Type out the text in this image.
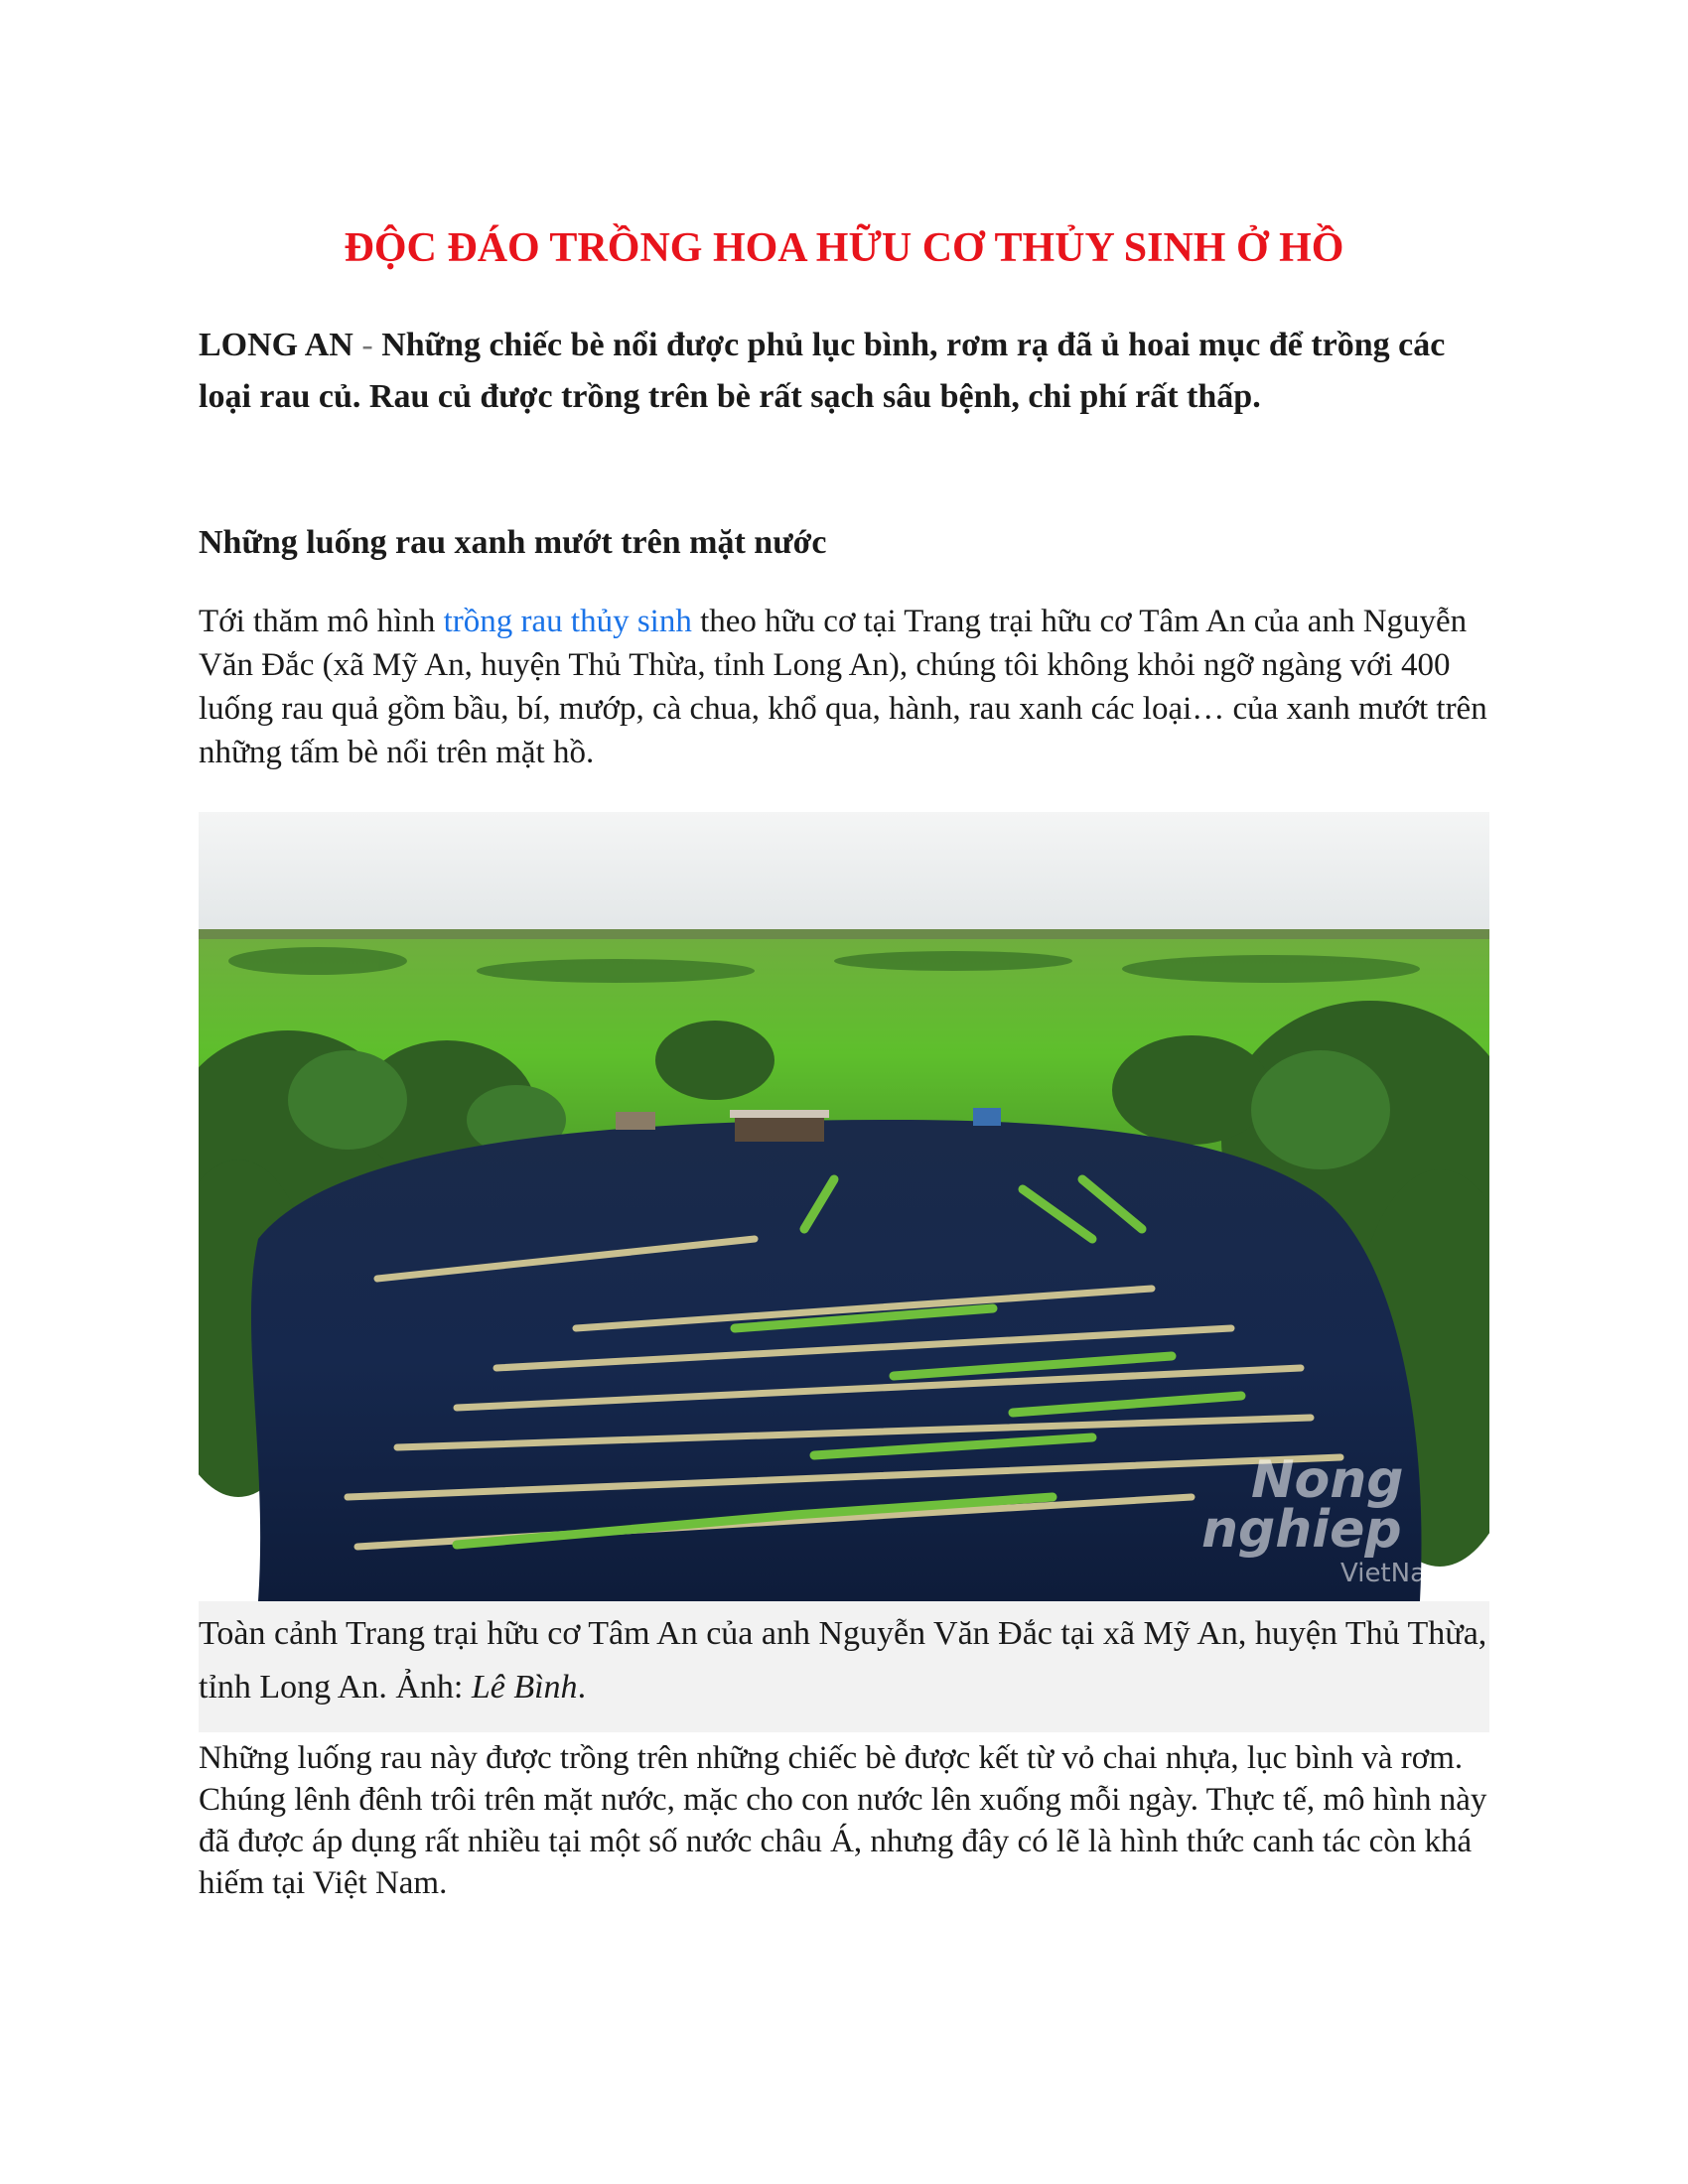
ĐỘC ĐÁO TRỒNG HOA HỮU CƠ THỦY SINH Ở HỒ

LONG AN - Những chiếc bè nổi được phủ lục bình, rơm rạ đã ủ hoai mục để trồng các loại rau củ. Rau củ được trồng trên bè rất sạch sâu bệnh, chi phí rất thấp.

Những luống rau xanh mướt trên mặt nước

Tới thăm mô hình trồng rau thủy sinh theo hữu cơ tại Trang trại hữu cơ Tâm An của anh Nguyễn Văn Đắc (xã Mỹ An, huyện Thủ Thừa, tỉnh Long An), chúng tôi không khỏi ngỡ ngàng với 400 luống rau quả gồm bầu, bí, mướp, cà chua, khổ qua, hành, rau xanh các loại… của xanh mướt trên những tấm bè nổi trên mặt hồ.

Nong
nghiep
VietNam
Toàn cảnh Trang trại hữu cơ Tâm An của anh Nguyễn Văn Đắc tại xã Mỹ An, huyện Thủ Thừa, tỉnh Long An. Ảnh: Lê Bình.

Những luống rau này được trồng trên những chiếc bè được kết từ vỏ chai nhựa, lục bình và rơm. Chúng lênh đênh trôi trên mặt nước, mặc cho con nước lên xuống mỗi ngày. Thực tế, mô hình này đã được áp dụng rất nhiều tại một số nước châu Á, nhưng đây có lẽ là hình thức canh tác còn khá hiếm tại Việt Nam.
